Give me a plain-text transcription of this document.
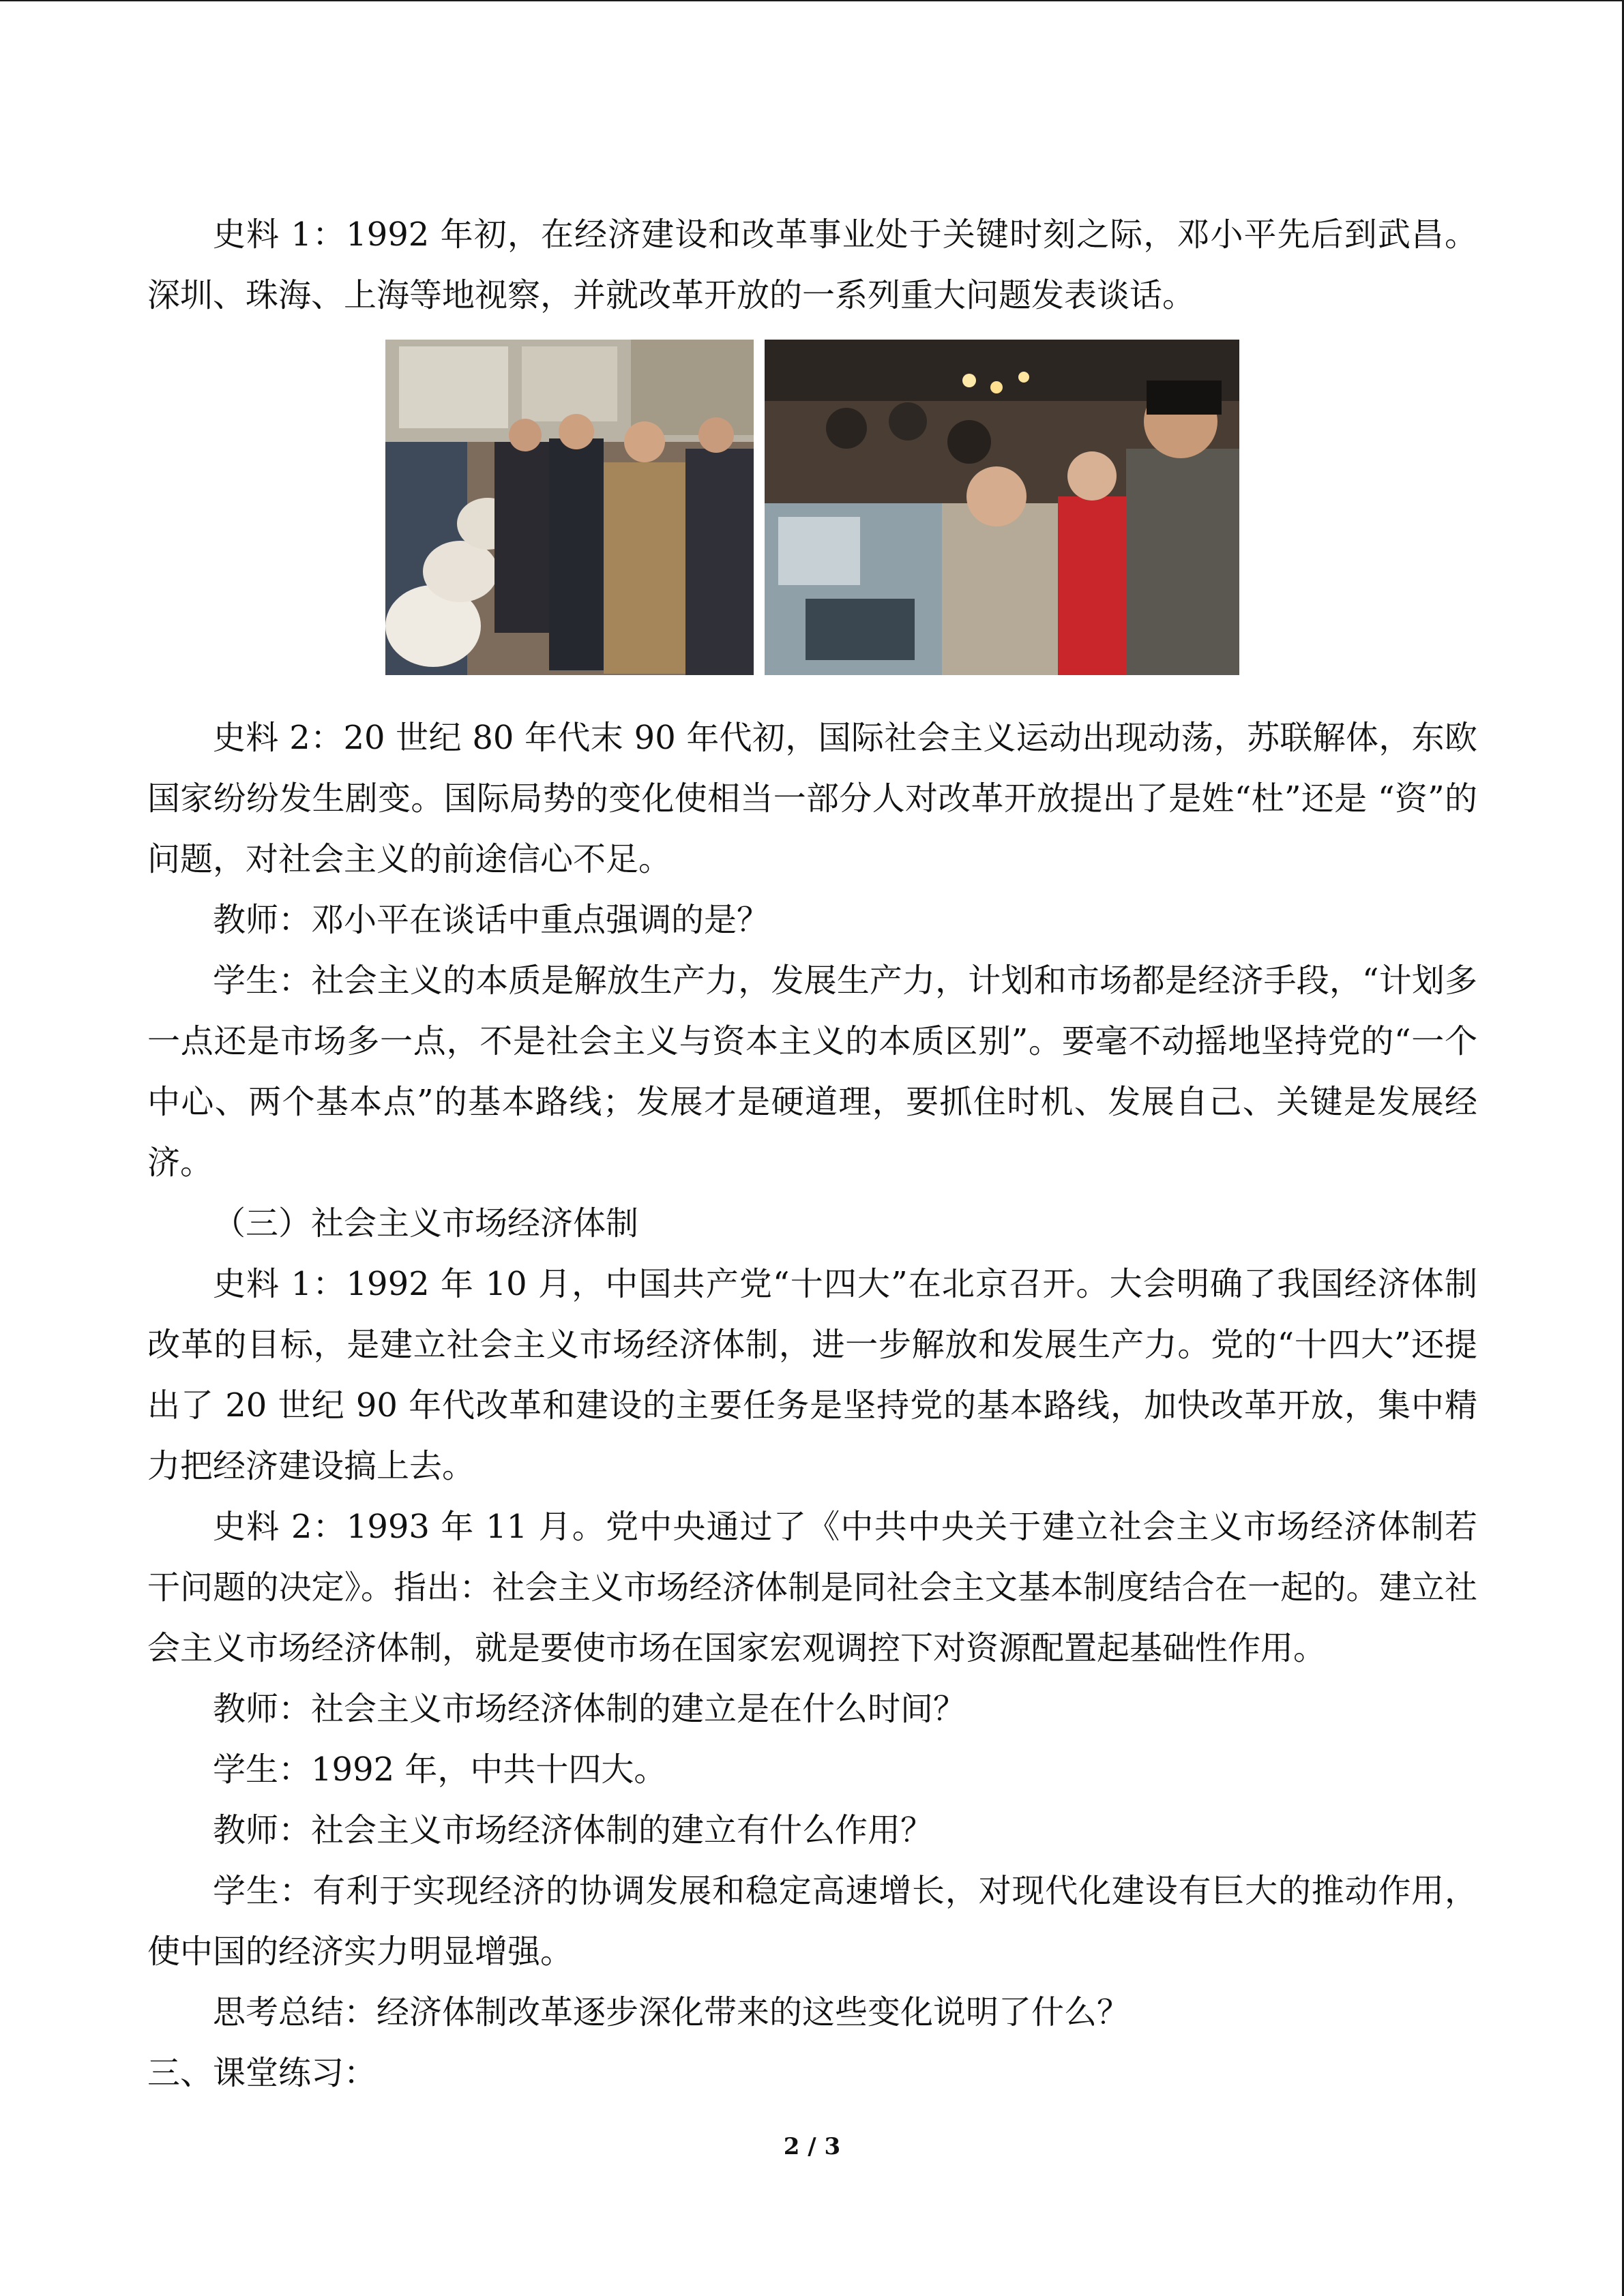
史料 1：1992 年初，在经济建设和改革事业处于关键时刻之际，邓小平先后到武昌。深圳、珠海、上海等地视察，并就改革开放的一系列重大问题发表谈话。

史料 2：20 世纪 80 年代末 90 年代初，国际社会主义运动出现动荡，苏联解体，东欧国家纷纷发生剧变。国际局势的变化使相当一部分人对改革开放提出了是姓“杜”还是 “资”的问题，对社会主义的前途信心不足。

教师：邓小平在谈话中重点强调的是？

学生：社会主义的本质是解放生产力，发展生产力，计划和市场都是经济手段，“计划多一点还是市场多一点，不是社会主义与资本主义的本质区别”。要毫不动摇地坚持党的“一个中心、两个基本点”的基本路线；发展才是硬道理，要抓住时机、发展自己、关键是发展经济。

（三）社会主义市场经济体制

史料 1：1992 年 10 月，中国共产党“十四大”在北京召开。大会明确了我国经济体制改革的目标，是建立社会主义市场经济体制，进一步解放和发展生产力。党的“十四大”还提出了 20 世纪 90 年代改革和建设的主要任务是坚持党的基本路线，加快改革开放，集中精力把经济建设搞上去。

史料 2：1993 年 11 月。党中央通过了《中共中央关于建立社会主义市场经济体制若干问题的决定》。指出：社会主义市场经济体制是同社会主文基本制度结合在一起的。建立社会主义市场经济体制，就是要使市场在国家宏观调控下对资源配置起基础性作用。

教师：社会主义市场经济体制的建立是在什么时间？

学生：1992 年，中共十四大。

教师：社会主义市场经济体制的建立有什么作用？

学生：有利于实现经济的协调发展和稳定高速增长，对现代化建设有巨大的推动作用，使中国的经济实力明显增强。

思考总结：经济体制改革逐步深化带来的这些变化说明了什么？

三、课堂练习：

2 / 3
